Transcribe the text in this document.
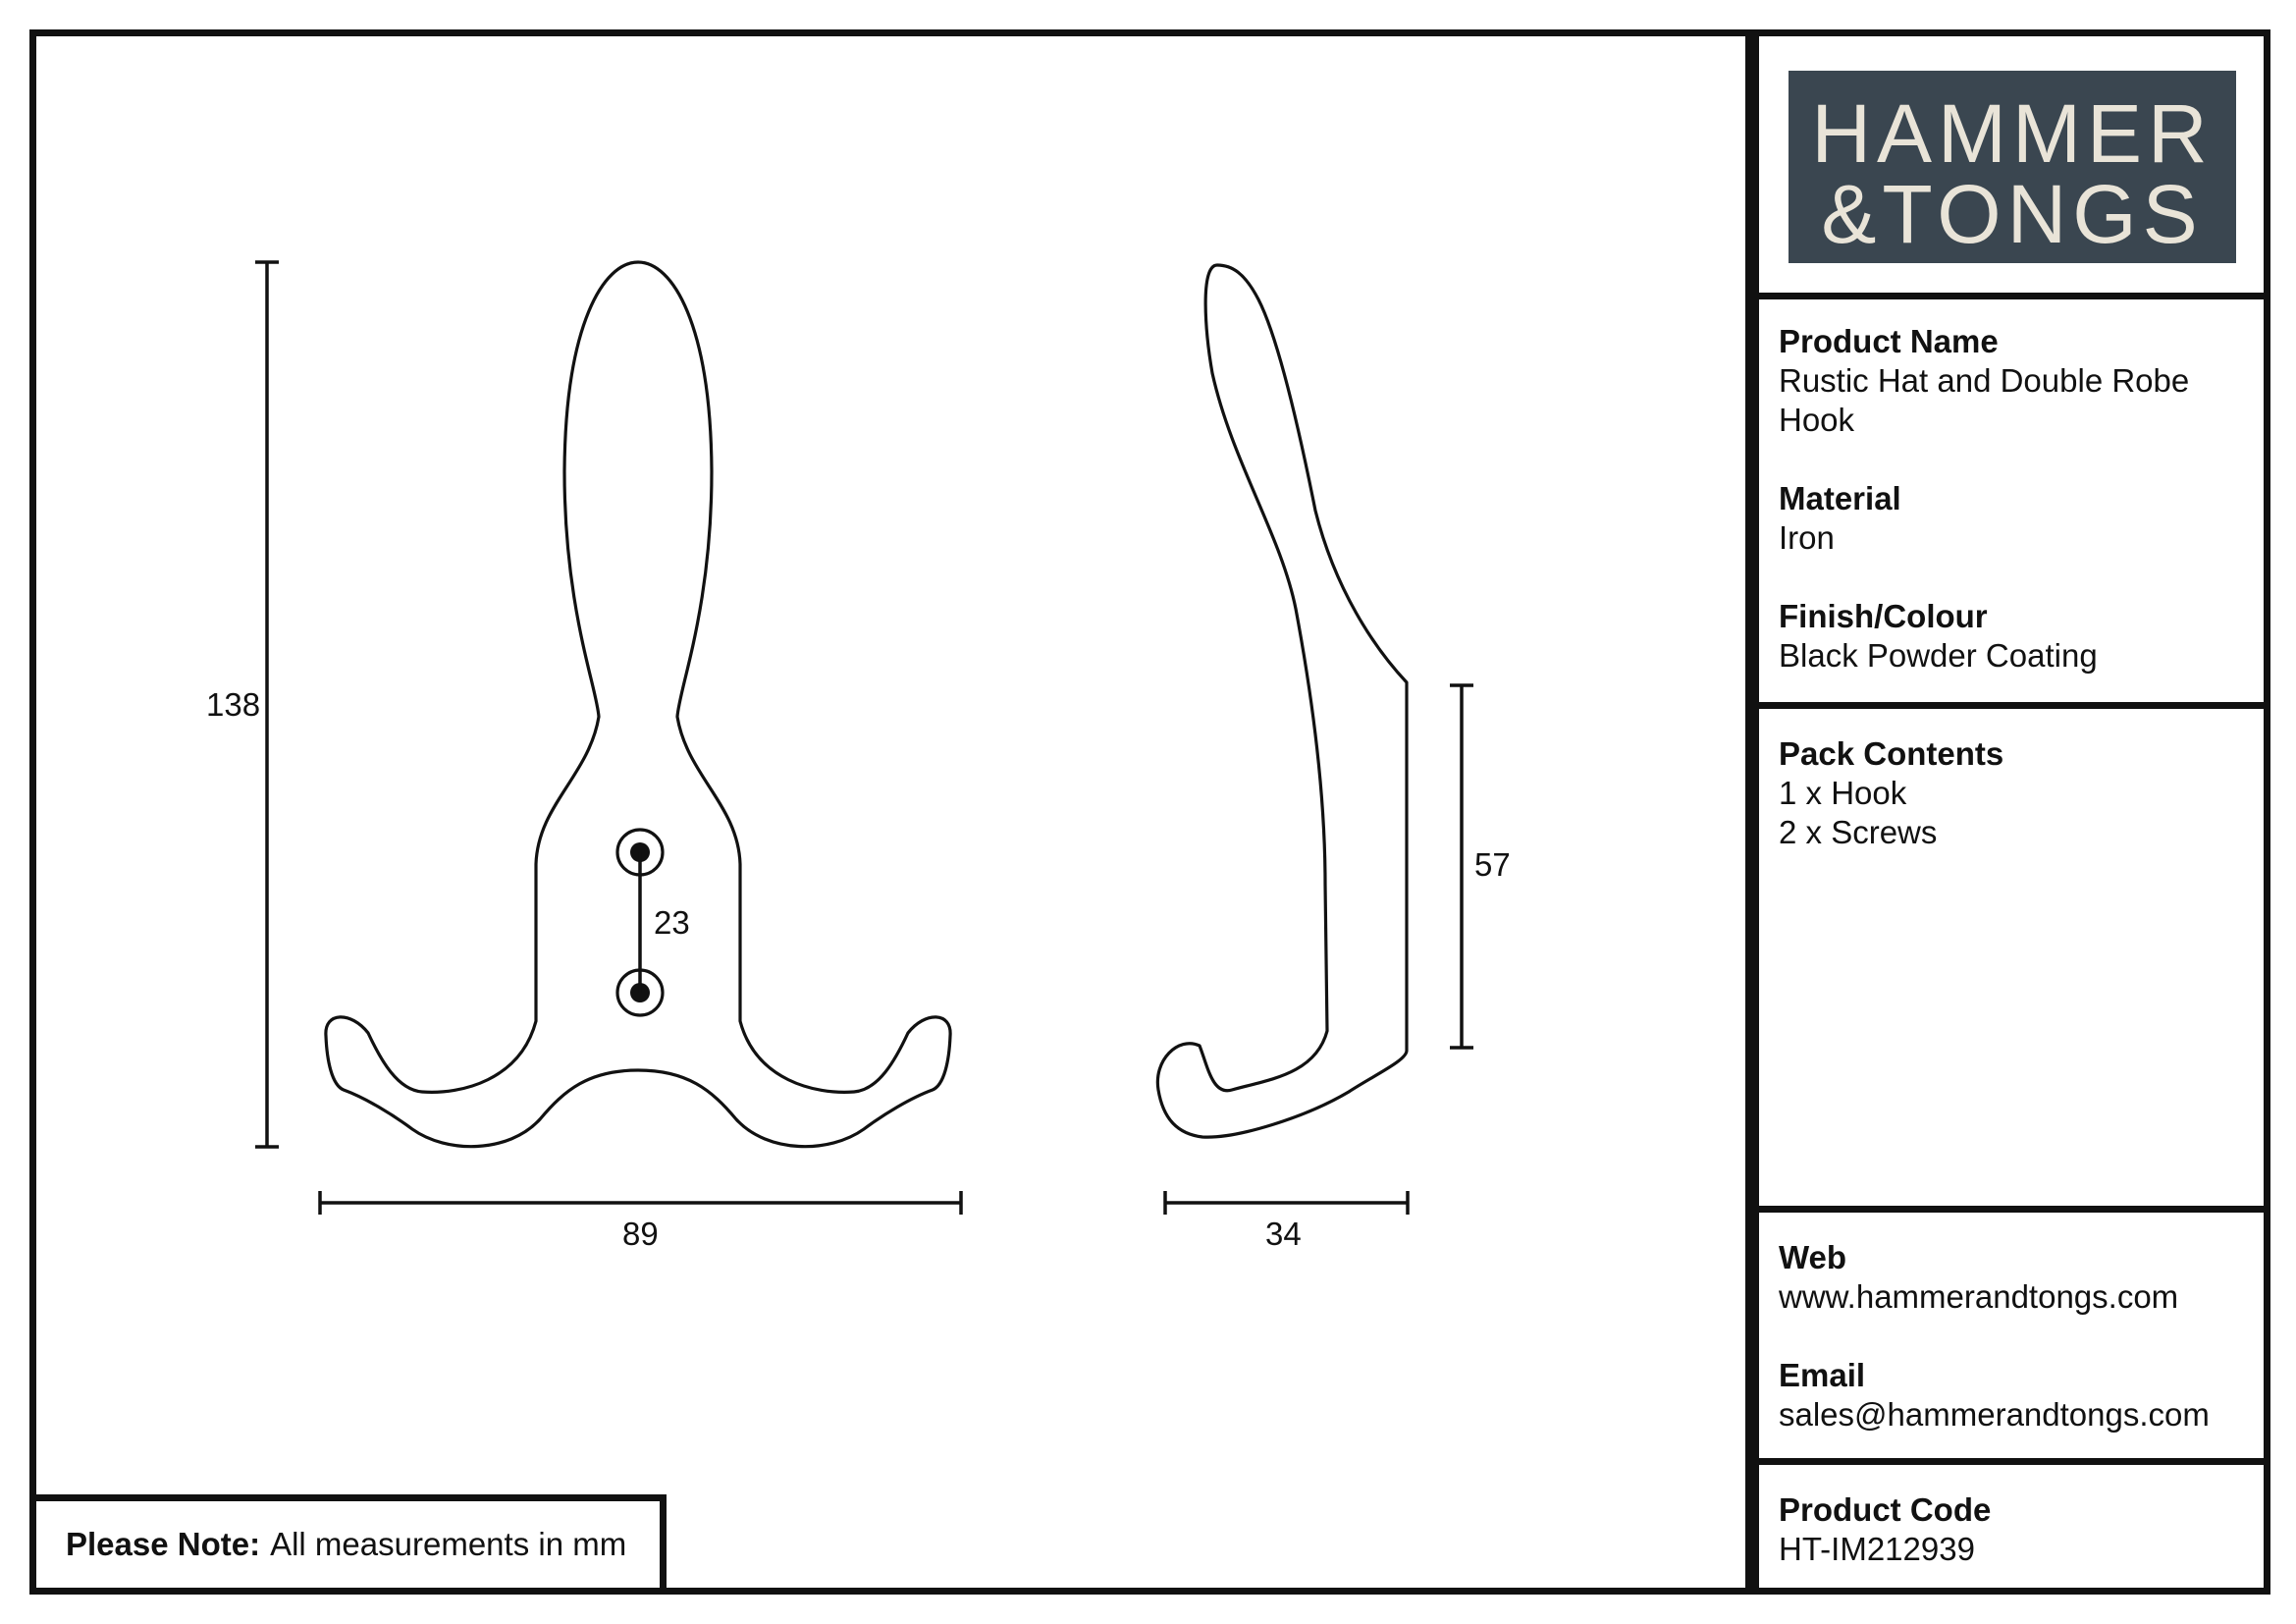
HAMMER
&TONGS
Product Name
Rustic Hat and Double Robe
Hook
Material
Iron
Finish/Colour
Black Powder Coating
Pack Contents
1 x Hook
2 x Screws
Web
www.hammerandtongs.com
Email
sales@hammerandtongs.com
Product Code
HT-IM212939
Please Note: All measurements in mm
138
89
23
34
57
